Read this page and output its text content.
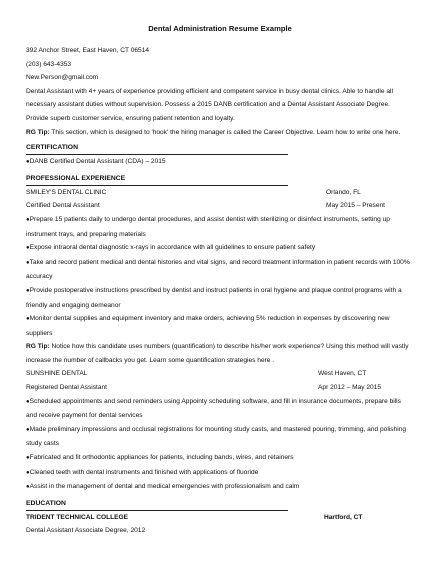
Dental Administration Resume Example
392 Anchor Street, East Haven, CT 06514
(203) 643-4353
New.Person@gmail.com
Dental Assistant with 4+ years of experience providing efficient and competent service in busy dental clinics. Able to handle all necessary assistant duties without supervision. Possess a 2015 DANB certification and a Dental Assistant Associate Degree. Provide superb customer service, ensuring patient retention and loyalty.
RG Tip: This section, which is designed to 'hook' the hiring manager is called the Career Objective. Learn how to write one here.
CERTIFICATION
●DANB Certified Dental Assistant (CDA) – 2015
PROFESSIONAL EXPERIENCE
SMILEY'S DENTAL CLINIC	Orlando, FL
Certified Dental Assistant	May 2015 – Present
●Prepare 15 patients daily to undergo dental procedures, and assist dentist with sterilizing or disinfect instruments, setting up instrument trays, and preparing materials
●Expose intraoral dental diagnostic x-rays in accordance with all guidelines to ensure patient safety
●Take and record patient medical and dental histories and vital signs, and record treatment information in patient records with 100% accuracy
●Provide postoperative instructions prescribed by dentist and instruct patients in oral hygiene and plaque control programs with a friendly and engaging demeanor
●Monitor dental supplies and equipment inventory and make orders, achieving 5% reduction in expenses by discovering new suppliers
RG Tip: Notice how this candidate uses numbers (quantification) to describe his/her work experience? Using this method will vastly increase the number of callbacks you get. Learn some quantification strategies here .
SUNSHINE DENTAL	West Haven, CT
Registered Dental Assistant	Apr 2012 – May 2015
●Scheduled appointments and send reminders using Appointy scheduling software, and fill in insurance documents, prepare bills and receive payment for dental services
●Made preliminary impressions and occlusal registrations for mounting study casts, and mastered pouring, trimming, and polishing study casts
●Fabricated and fit orthodontic appliances for patients, including bands, wires, and retainers
●Cleaned teeth with dental instruments and finished with applications of fluoride
●Assist in the management of dental and medical emergencies with professionalism and calm
EDUCATION
TRIDENT TECHNICAL COLLEGE	Hartford, CT
Dental Assistant Associate Degree, 2012
